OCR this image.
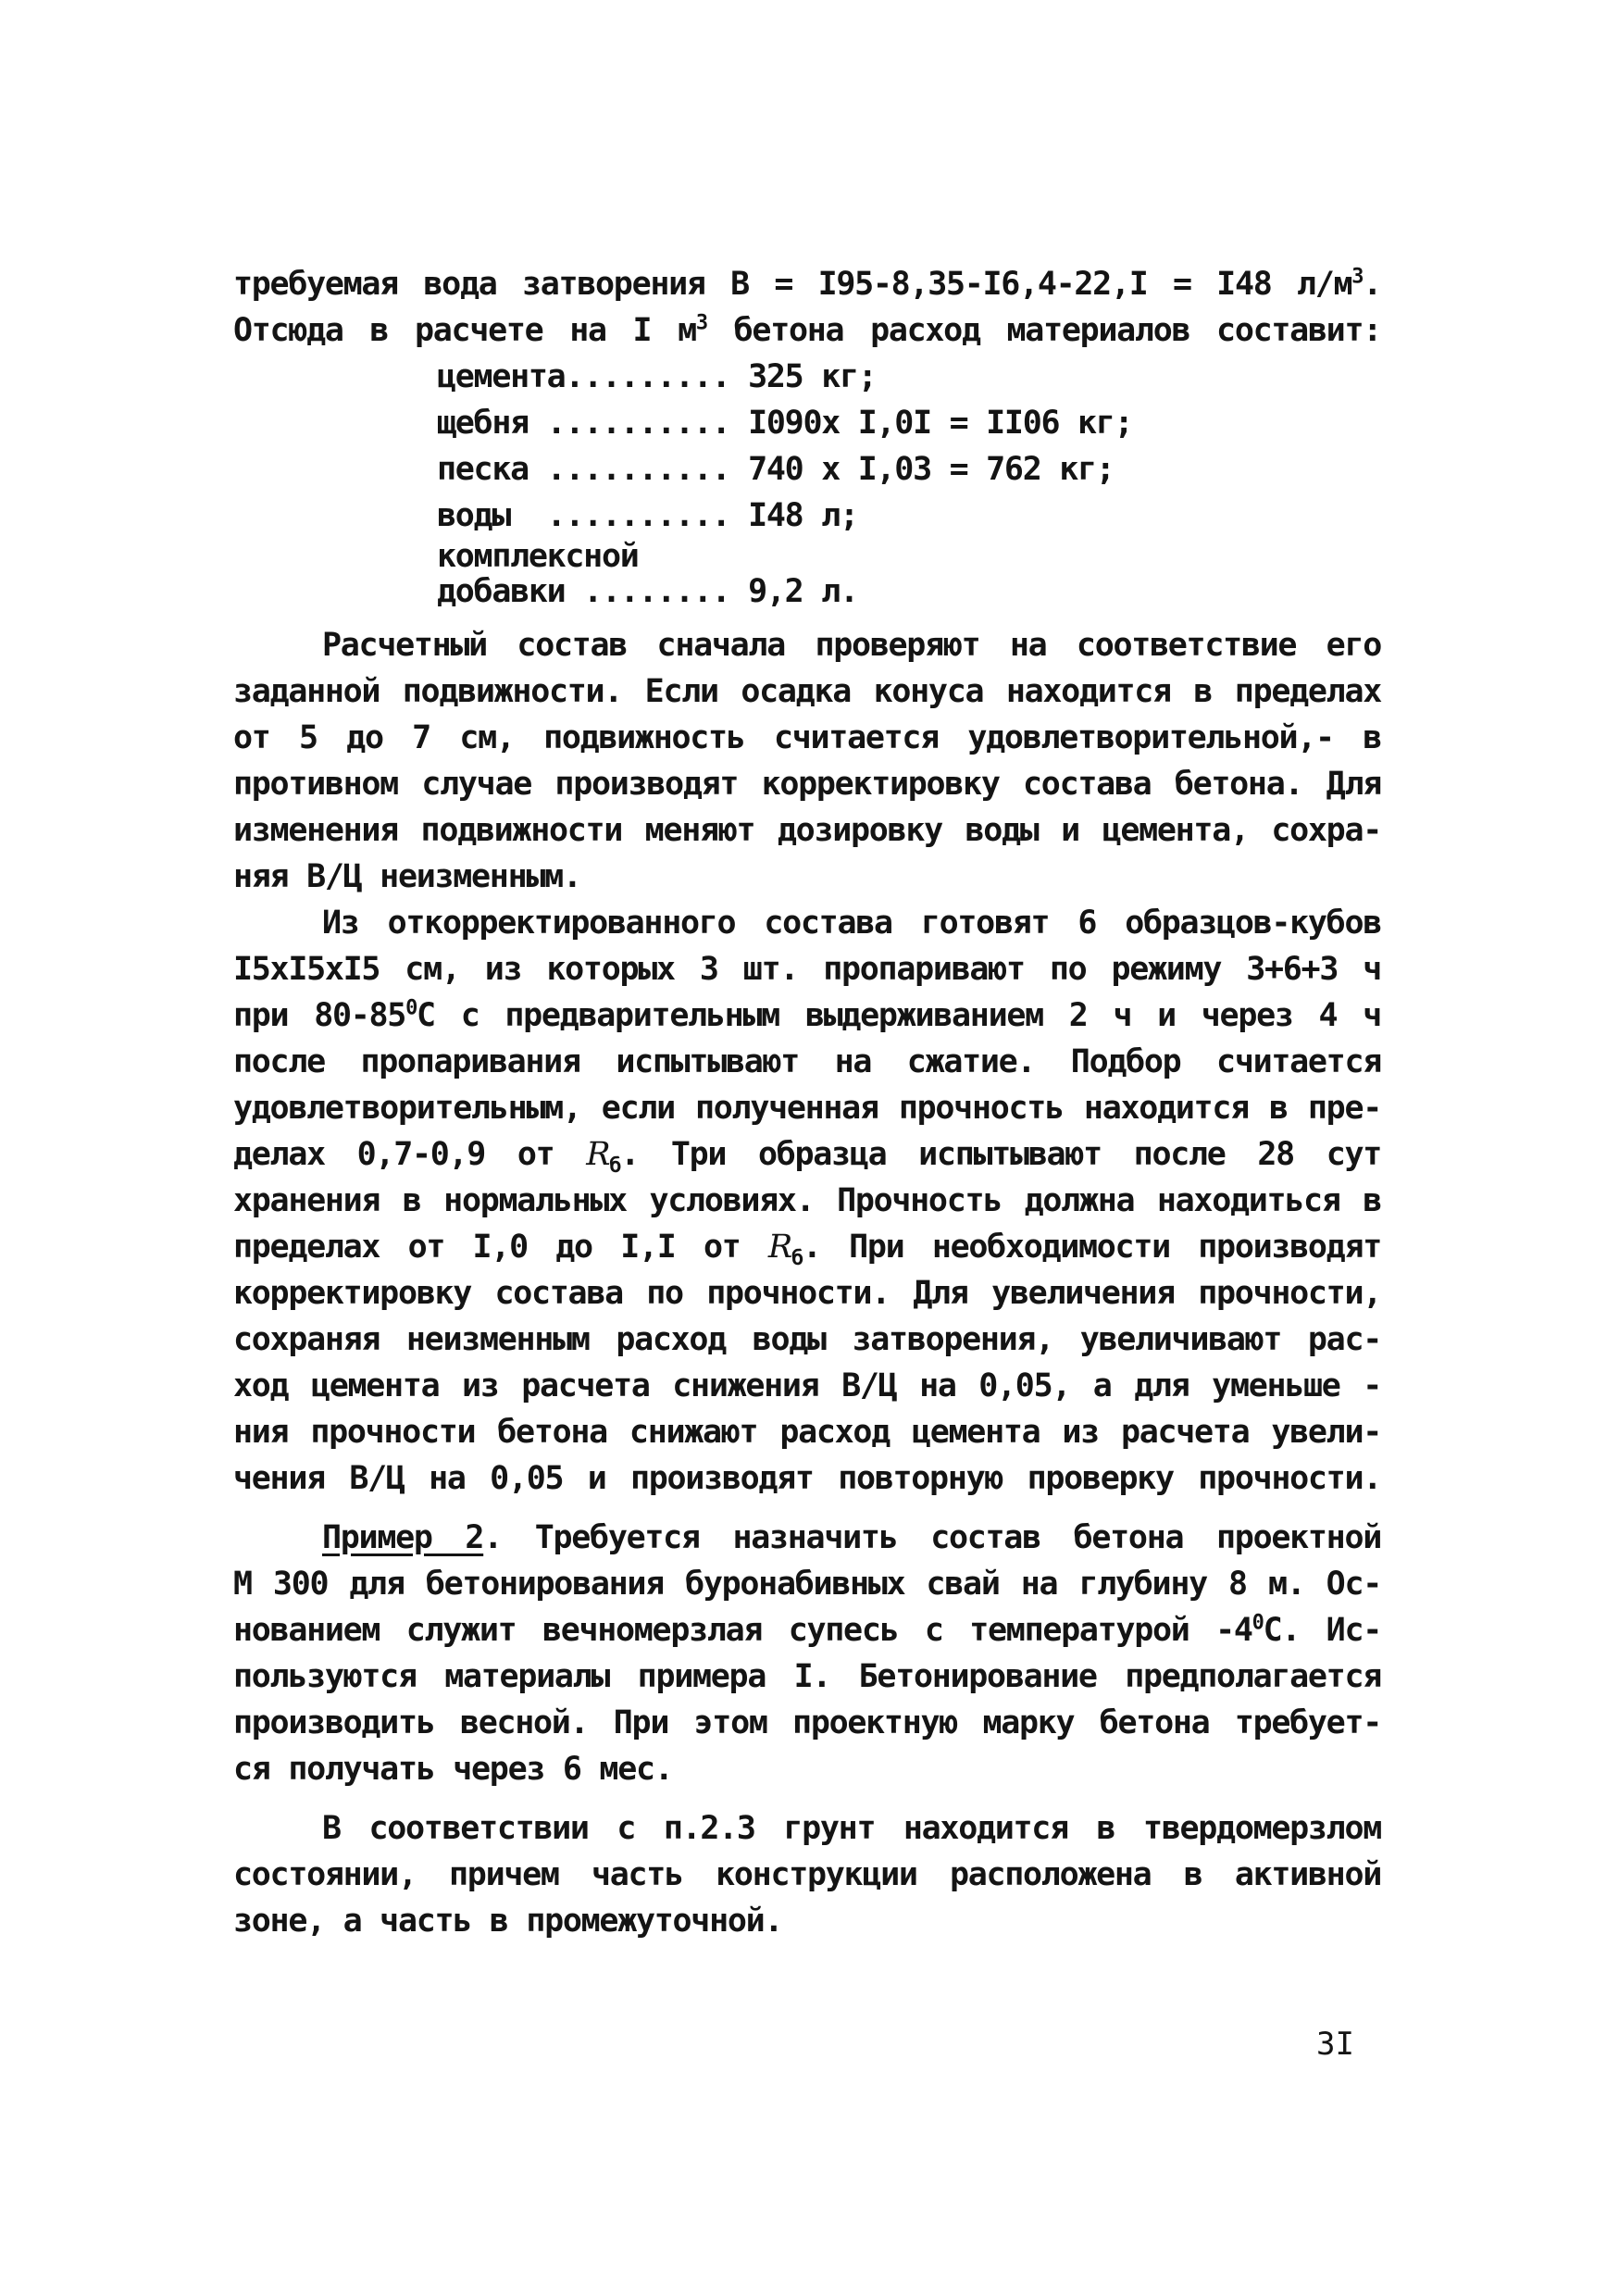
требуемая вода затворения В = I95-8,35-I6,4-22,I = I48 $л/м^3$.
Отсюда в расчете на I $м^3$ бетона расход материалов составит:
цемента......... 325 кг;
щебня .......... I090x I,0I = II06 кг;
песка .......... 740 x I,03 = 762 кг;
воды  .......... I48 л;
комплексной
добавки ........ 9,2 л.
Расчетный состав сначала проверяют на соответствие его
заданной подвижности. Если осадка конуса находится в пределах
от 5 до 7 см, подвижность считается удовлетворительной,- в
противном случае производят корректировку состава бетона. Для
изменения подвижности меняют дозировку воды и цемента, сохра-
няя В/Ц неизменным.
Из откорректированного состава готовят 6 образцов-кубов
I5xI5xI5 см, из которых 3 шт. пропаривают по режиму 3+6+3 ч
при $80-85^0С$ с предварительным выдерживанием 2 ч и через 4 ч
после пропаривания испытывают на сжатие. Подбор считается
удовлетворительным, если полученная прочность находится в пре-
делах 0,7-0,9 от $R_б$. Три образца испытывают после 28 сут
хранения в нормальных условиях. Прочность должна находиться в
пределах от I,0 до I,I от $R_б$. При необходимости производят
корректировку состава по прочности. Для увеличения прочности,
сохраняя неизменным расход воды затворения, увеличивают рас-
ход цемента из расчета снижения В/Ц на 0,05, а для уменьше -
ния прочности бетона снижают расход цемента из расчета увели-
чения В/Ц на 0,05 и производят повторную проверку прочности.
Пример 2. Требуется назначить состав бетона проектной
М 300 для бетонирования буронабивных свай на глубину 8 м. Ос-
нованием служит вечномерзлая супесь с температурой $-4^0С$. Ис-
пользуются материалы примера I. Бетонирование предполагается
производить весной. При этом проектную марку бетона требует-
ся получать через 6 мес.
В соответствии с п.2.3 грунт находится в твердомерзлом
состоянии, причем часть конструкции расположена в активной
зоне, а часть в промежуточной.
3I
